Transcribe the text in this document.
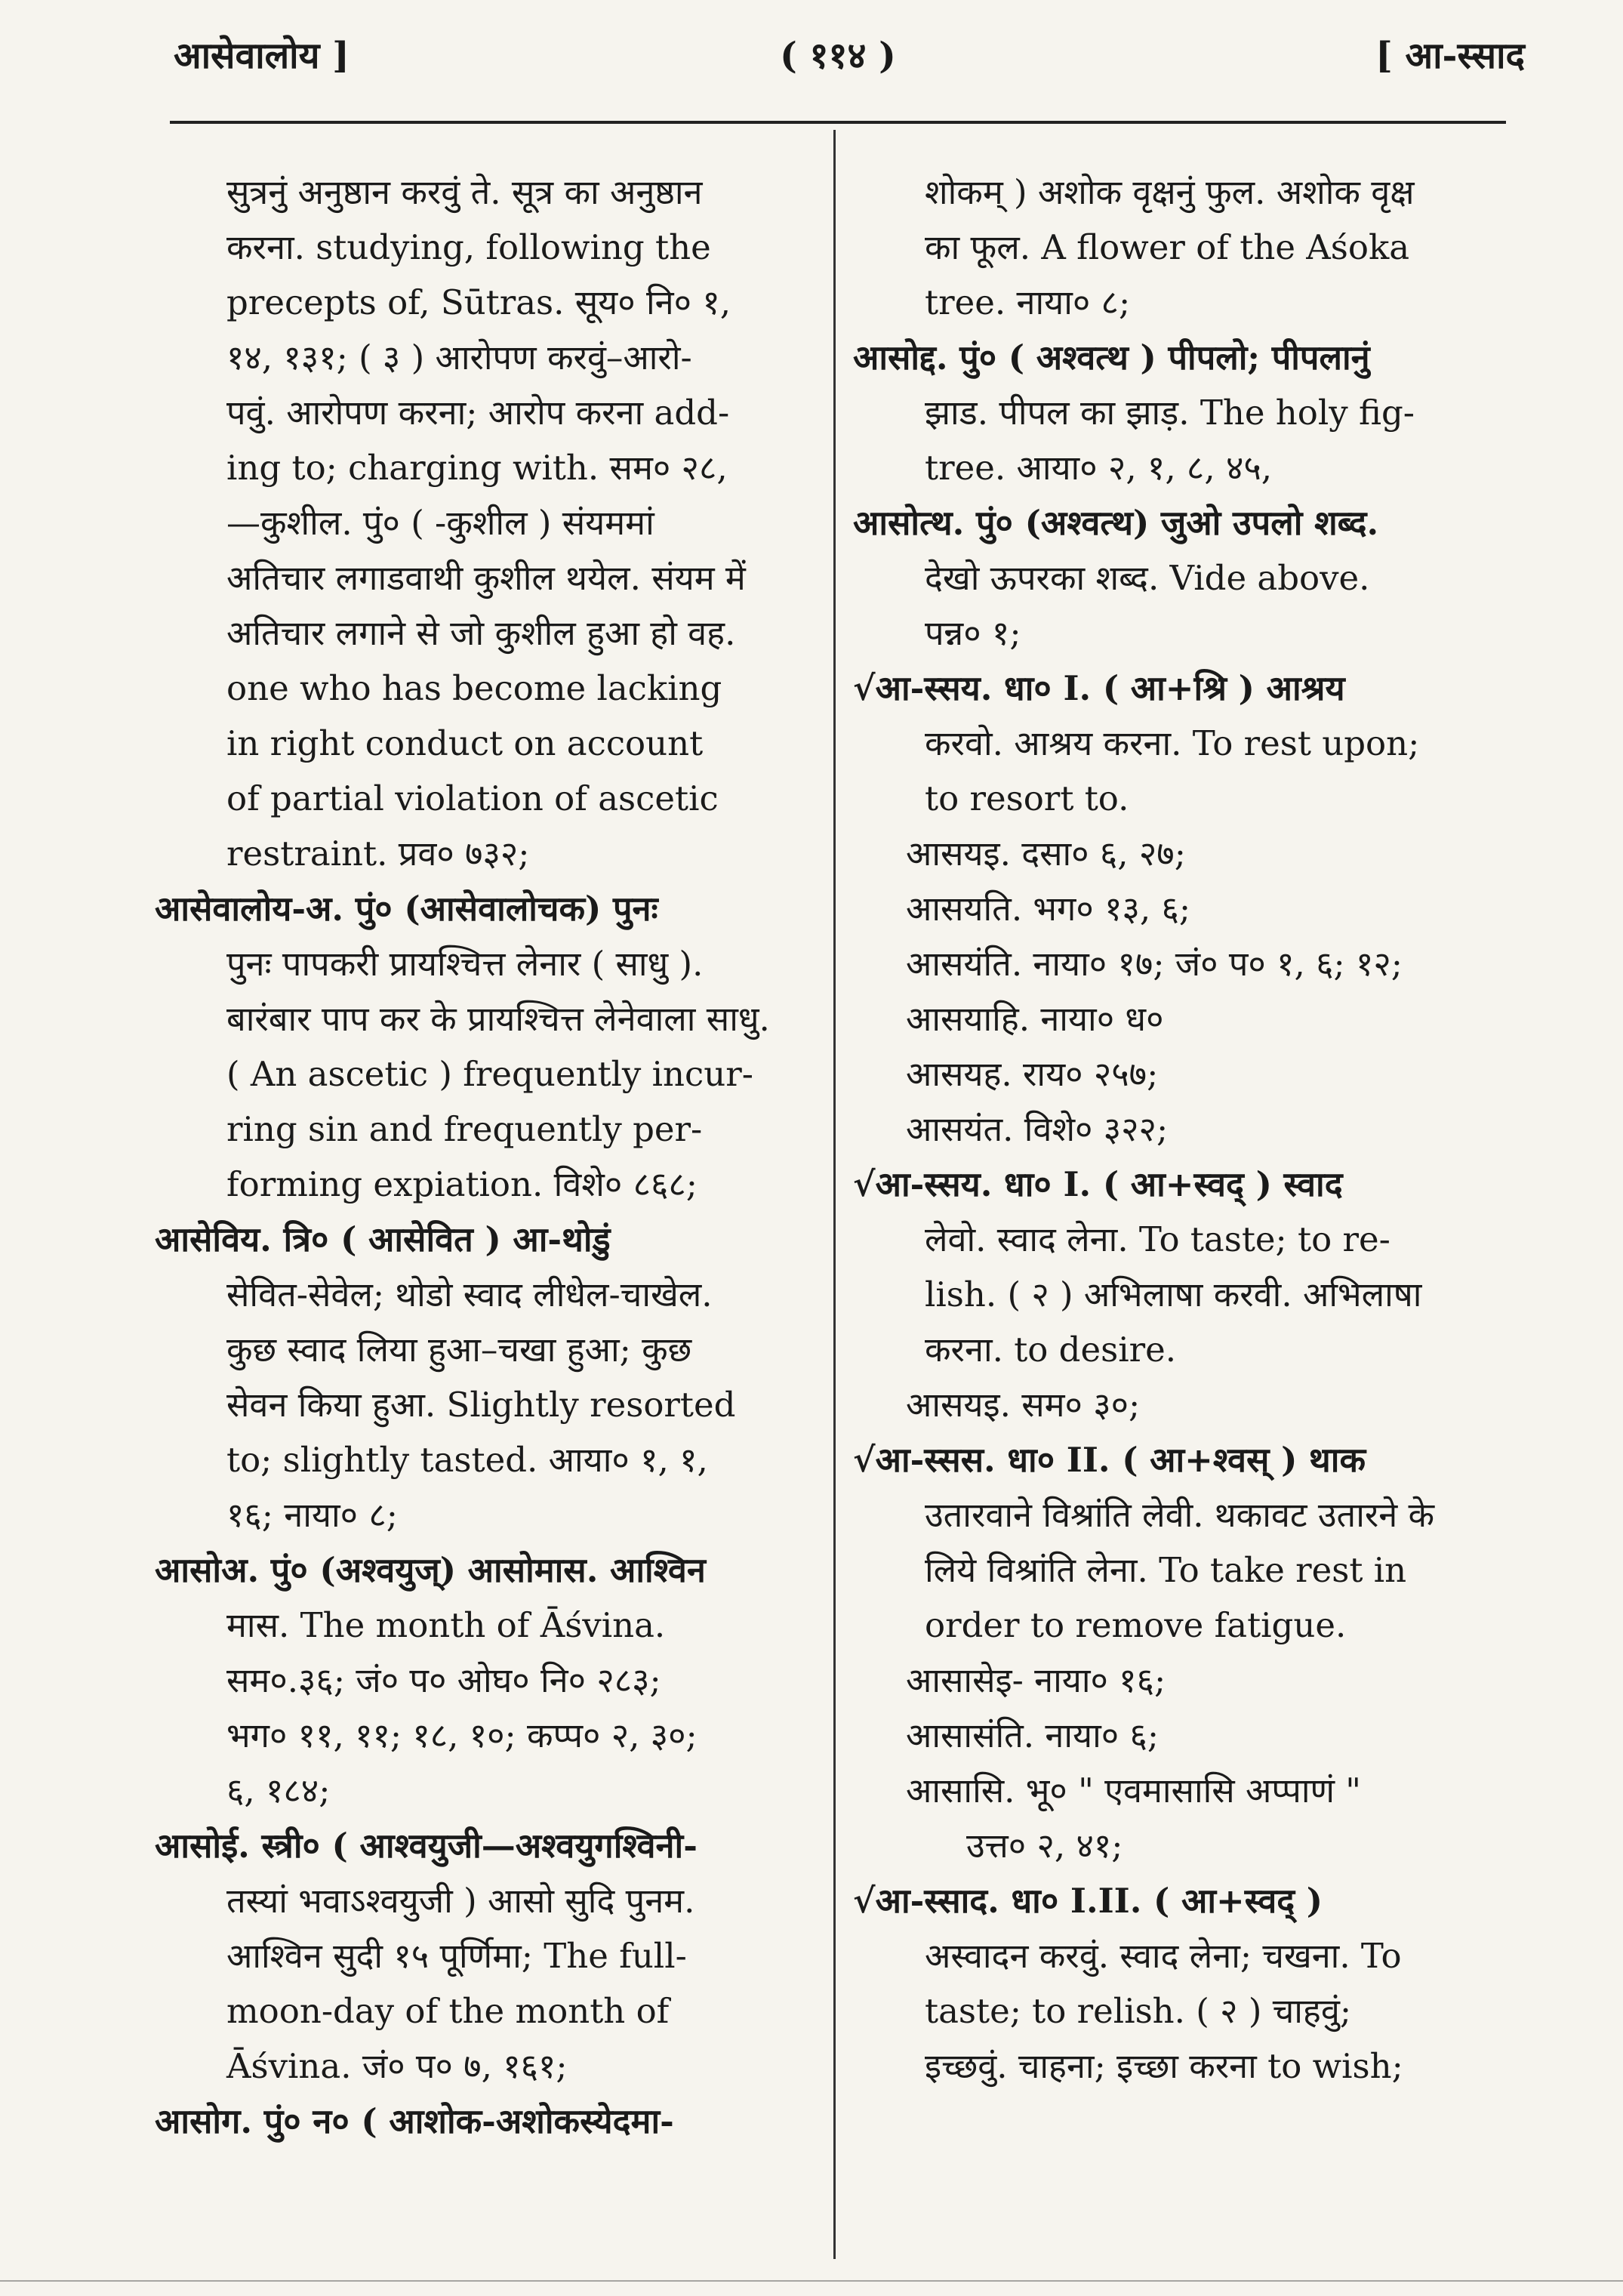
आसेवालोय ]	( ११४ )	[ आ-स्साद
सुत्रनुं अनुष्ठान करवुं ते. सूत्र का अनुष्ठान
करना. studying, following the
precepts of, Sūtras. सूय० नि० १,
१४, १३१; ( ३ ) आरोपण करवुं–आरो-
पवुं. आरोपण करना; आरोप करना add-
ing to; charging with. सम० २८,
—कुशील. पुं० ( -कुशील ) संयममां
अतिचार लगाडवाथी कुशील थयेल. संयम में
अतिचार लगाने से जो कुशील हुआ हो वह.
one who has become lacking
in right conduct on account
of partial violation of ascetic
restraint. प्रव० ७३२;
आसेवालोय-अ. पुं० (आसेवालोचक) पुनः
पुनः पापकरी प्रायश्चित्त लेनार ( साधु ).
बारंबार पाप कर के प्रायश्चित्त लेनेवाला साधु.
( An ascetic ) frequently incur-
ring sin and frequently per-
forming expiation. विशे० ८६८;
आसेविय. त्रि० ( आसेवित ) आ-थोडुं
सेवित-सेवेल; थोडो स्वाद लीधेल-चाखेल.
कुछ स्वाद लिया हुआ–चखा हुआ; कुछ
सेवन किया हुआ. Slightly resorted
to; slightly tasted. आया० १, १,
१६; नाया० ८;
आसोअ. पुं० (अश्वयुज्) आसोमास. आश्विन
मास. The month of Āśvina.
सम०.३६; जं० प० ओघ० नि० २८३;
भग० ११, ११; १८, १०; कप्प० २, ३०;
६, १८४;
आसोई. स्त्री० ( आश्वयुजी—अश्वयुगश्विनी-
तस्यां भवाऽश्वयुजी ) आसो सुदि पुनम.
आश्विन सुदी १५ पूर्णिमा; The full-
moon-day of the month of
Āśvina. जं० प० ७, १६१;
आसोग. पुं० न० ( आशोक-अशोकस्येदमा-
शोकम् ) अशोक वृक्षनुं फुल. अशोक वृक्ष
का फूल. A flower of the Aśoka
tree. नाया० ८;
आसोद्द. पुं० ( अश्वत्थ ) पीपलो; पीपलानुं
झाड. पीपल का झाड़. The holy fig-
tree. आया० २, १, ८, ४५,
आसोत्थ. पुं० (अश्वत्थ) जुओ उपलो शब्द.
देखो ऊपरका शब्द. Vide above.
पन्न० १;
√आ-स्सय. धा० I. ( आ+श्रि ) आश्रय
करवो. आश्रय करना. To rest upon;
to resort to.
आसयइ. दसा० ६, २७;
आसयति. भग० १३, ६;
आसयंति. नाया० १७; जं० प० १, ६; १२;
आसयाहि. नाया० ध०
आसयह. राय० २५७;
आसयंत. विशे० ३२२;
√आ-स्सय. धा० I. ( आ+स्वद् ) स्वाद
लेवो. स्वाद लेना. To taste; to re-
lish. ( २ ) अभिलाषा करवी. अभिलाषा
करना. to desire.
आसयइ. सम० ३०;
√आ-स्सस. धा० II. ( आ+श्वस् ) थाक
उतारवाने विश्रांति लेवी. थकावट उतारने के
लिये विश्रांति लेना. To take rest in
order to remove fatigue.
आसासेइ- नाया० १६;
आसासंति. नाया० ६;
आसासि. भू० " एवमासासि अप्पाणं "
उत्त० २, ४१;
√आ-स्साद. धा० I.II. ( आ+स्वद् )
अस्वादन करवुं. स्वाद लेना; चखना. To
taste; to relish. ( २ ) चाहवुं;
इच्छवुं. चाहना; इच्छा करना to wish;
